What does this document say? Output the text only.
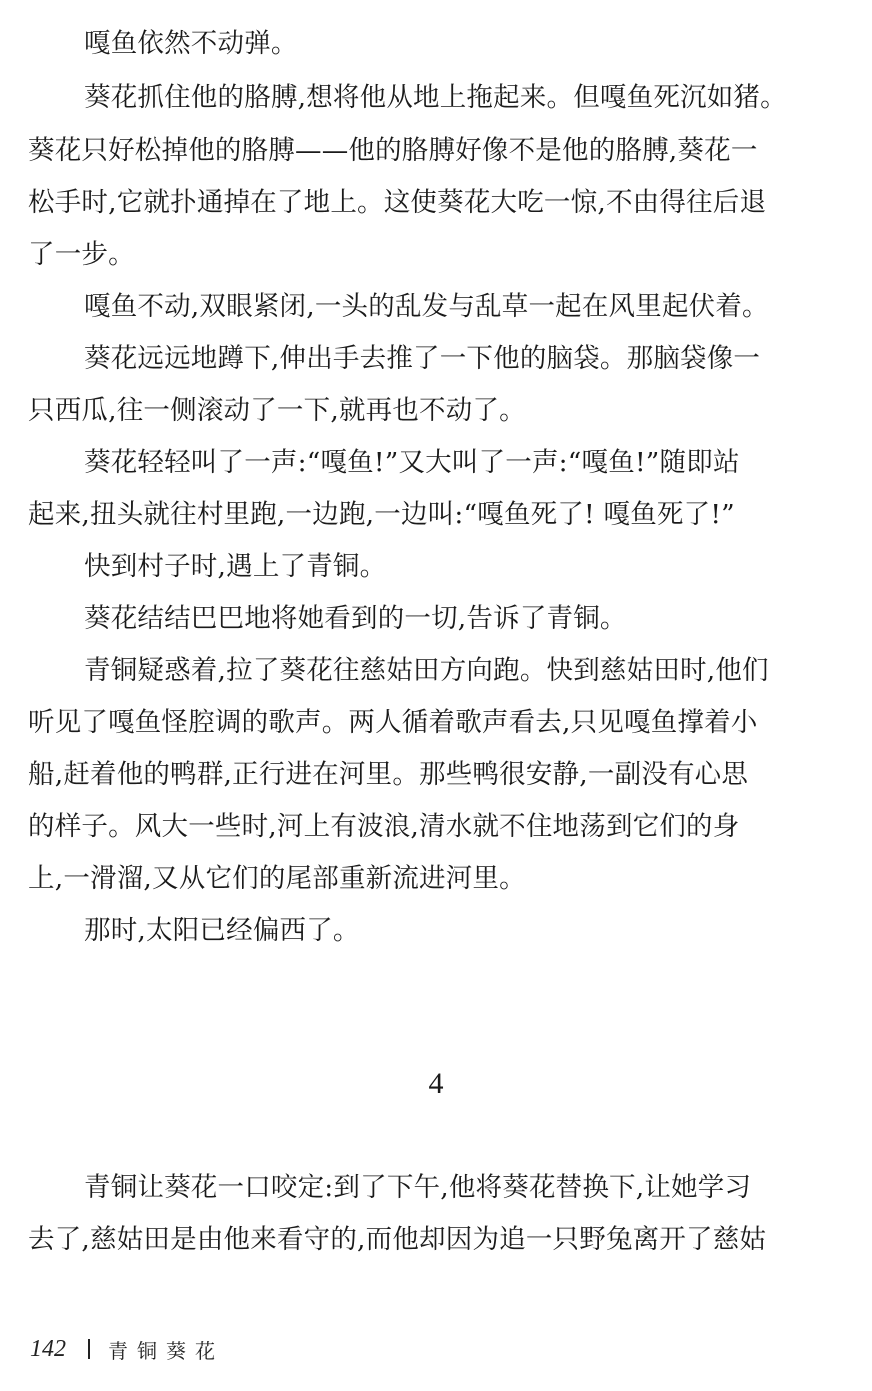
嘎鱼依然不动弹。
葵花抓住他的胳膊,想将他从地上拖起来。但嘎鱼死沉如猪。
葵花只好松掉他的胳膊——他的胳膊好像不是他的胳膊,葵花一
松手时,它就扑通掉在了地上。这使葵花大吃一惊,不由得往后退
了一步。
嘎鱼不动,双眼紧闭,一头的乱发与乱草一起在风里起伏着。
葵花远远地蹲下,伸出手去推了一下他的脑袋。那脑袋像一
只西瓜,往一侧滚动了一下,就再也不动了。
葵花轻轻叫了一声:“嘎鱼!”又大叫了一声:“嘎鱼!”随即站
起来,扭头就往村里跑,一边跑,一边叫:“嘎鱼死了! 嘎鱼死了!”
快到村子时,遇上了青铜。
葵花结结巴巴地将她看到的一切,告诉了青铜。
青铜疑惑着,拉了葵花往慈姑田方向跑。快到慈姑田时,他们
听见了嘎鱼怪腔调的歌声。两人循着歌声看去,只见嘎鱼撑着小
船,赶着他的鸭群,正行进在河里。那些鸭很安静,一副没有心思
的样子。风大一些时,河上有波浪,清水就不住地荡到它们的身
上,一滑溜,又从它们的尾部重新流进河里。
那时,太阳已经偏西了。
4
青铜让葵花一口咬定:到了下午,他将葵花替换下,让她学习
去了,慈姑田是由他来看守的,而他却因为追一只野兔离开了慈姑
142 青铜葵花
